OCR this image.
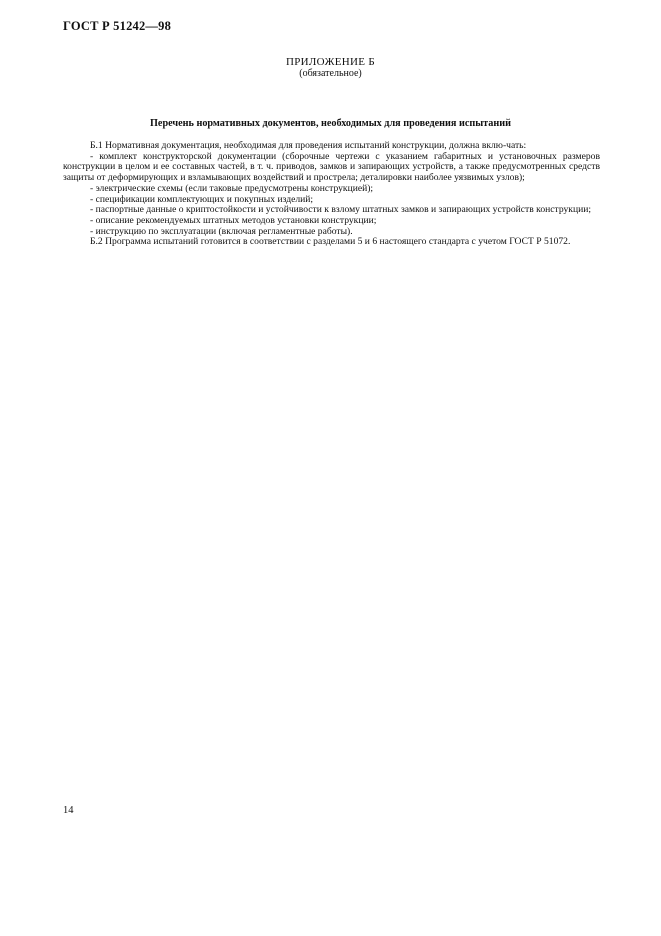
ГОСТ Р 51242—98
ПРИЛОЖЕНИЕ Б
(обязательное)
Перечень нормативных документов, необходимых для проведения испытаний

Б.1 Нормативная документация, необходимая для проведения испытаний конструкции, должна вклю-чать:

- комплект конструкторской документации (сборочные чертежи с указанием габаритных и установочных размеров конструкции в целом и ее составных частей, в т. ч. приводов, замков и запирающих устройств, а также предусмотренных средств защиты от деформирующих и взламывающих воздействий и прострела; деталировки наиболее уязвимых узлов);

- электрические схемы (если таковые предусмотрены конструкцией);

- спецификации комплектующих и покупных изделий;

- паспортные данные о криптостойкости и устойчивости к взлому штатных замков и запирающих устройств конструкции;

- описание рекомендуемых штатных методов установки конструкции;

- инструкцию по эксплуатации (включая регламентные работы).

Б.2 Программа испытаний готовится в соответствии с разделами 5 и 6 настоящего стандарта с учетом ГОСТ Р 51072.

14
